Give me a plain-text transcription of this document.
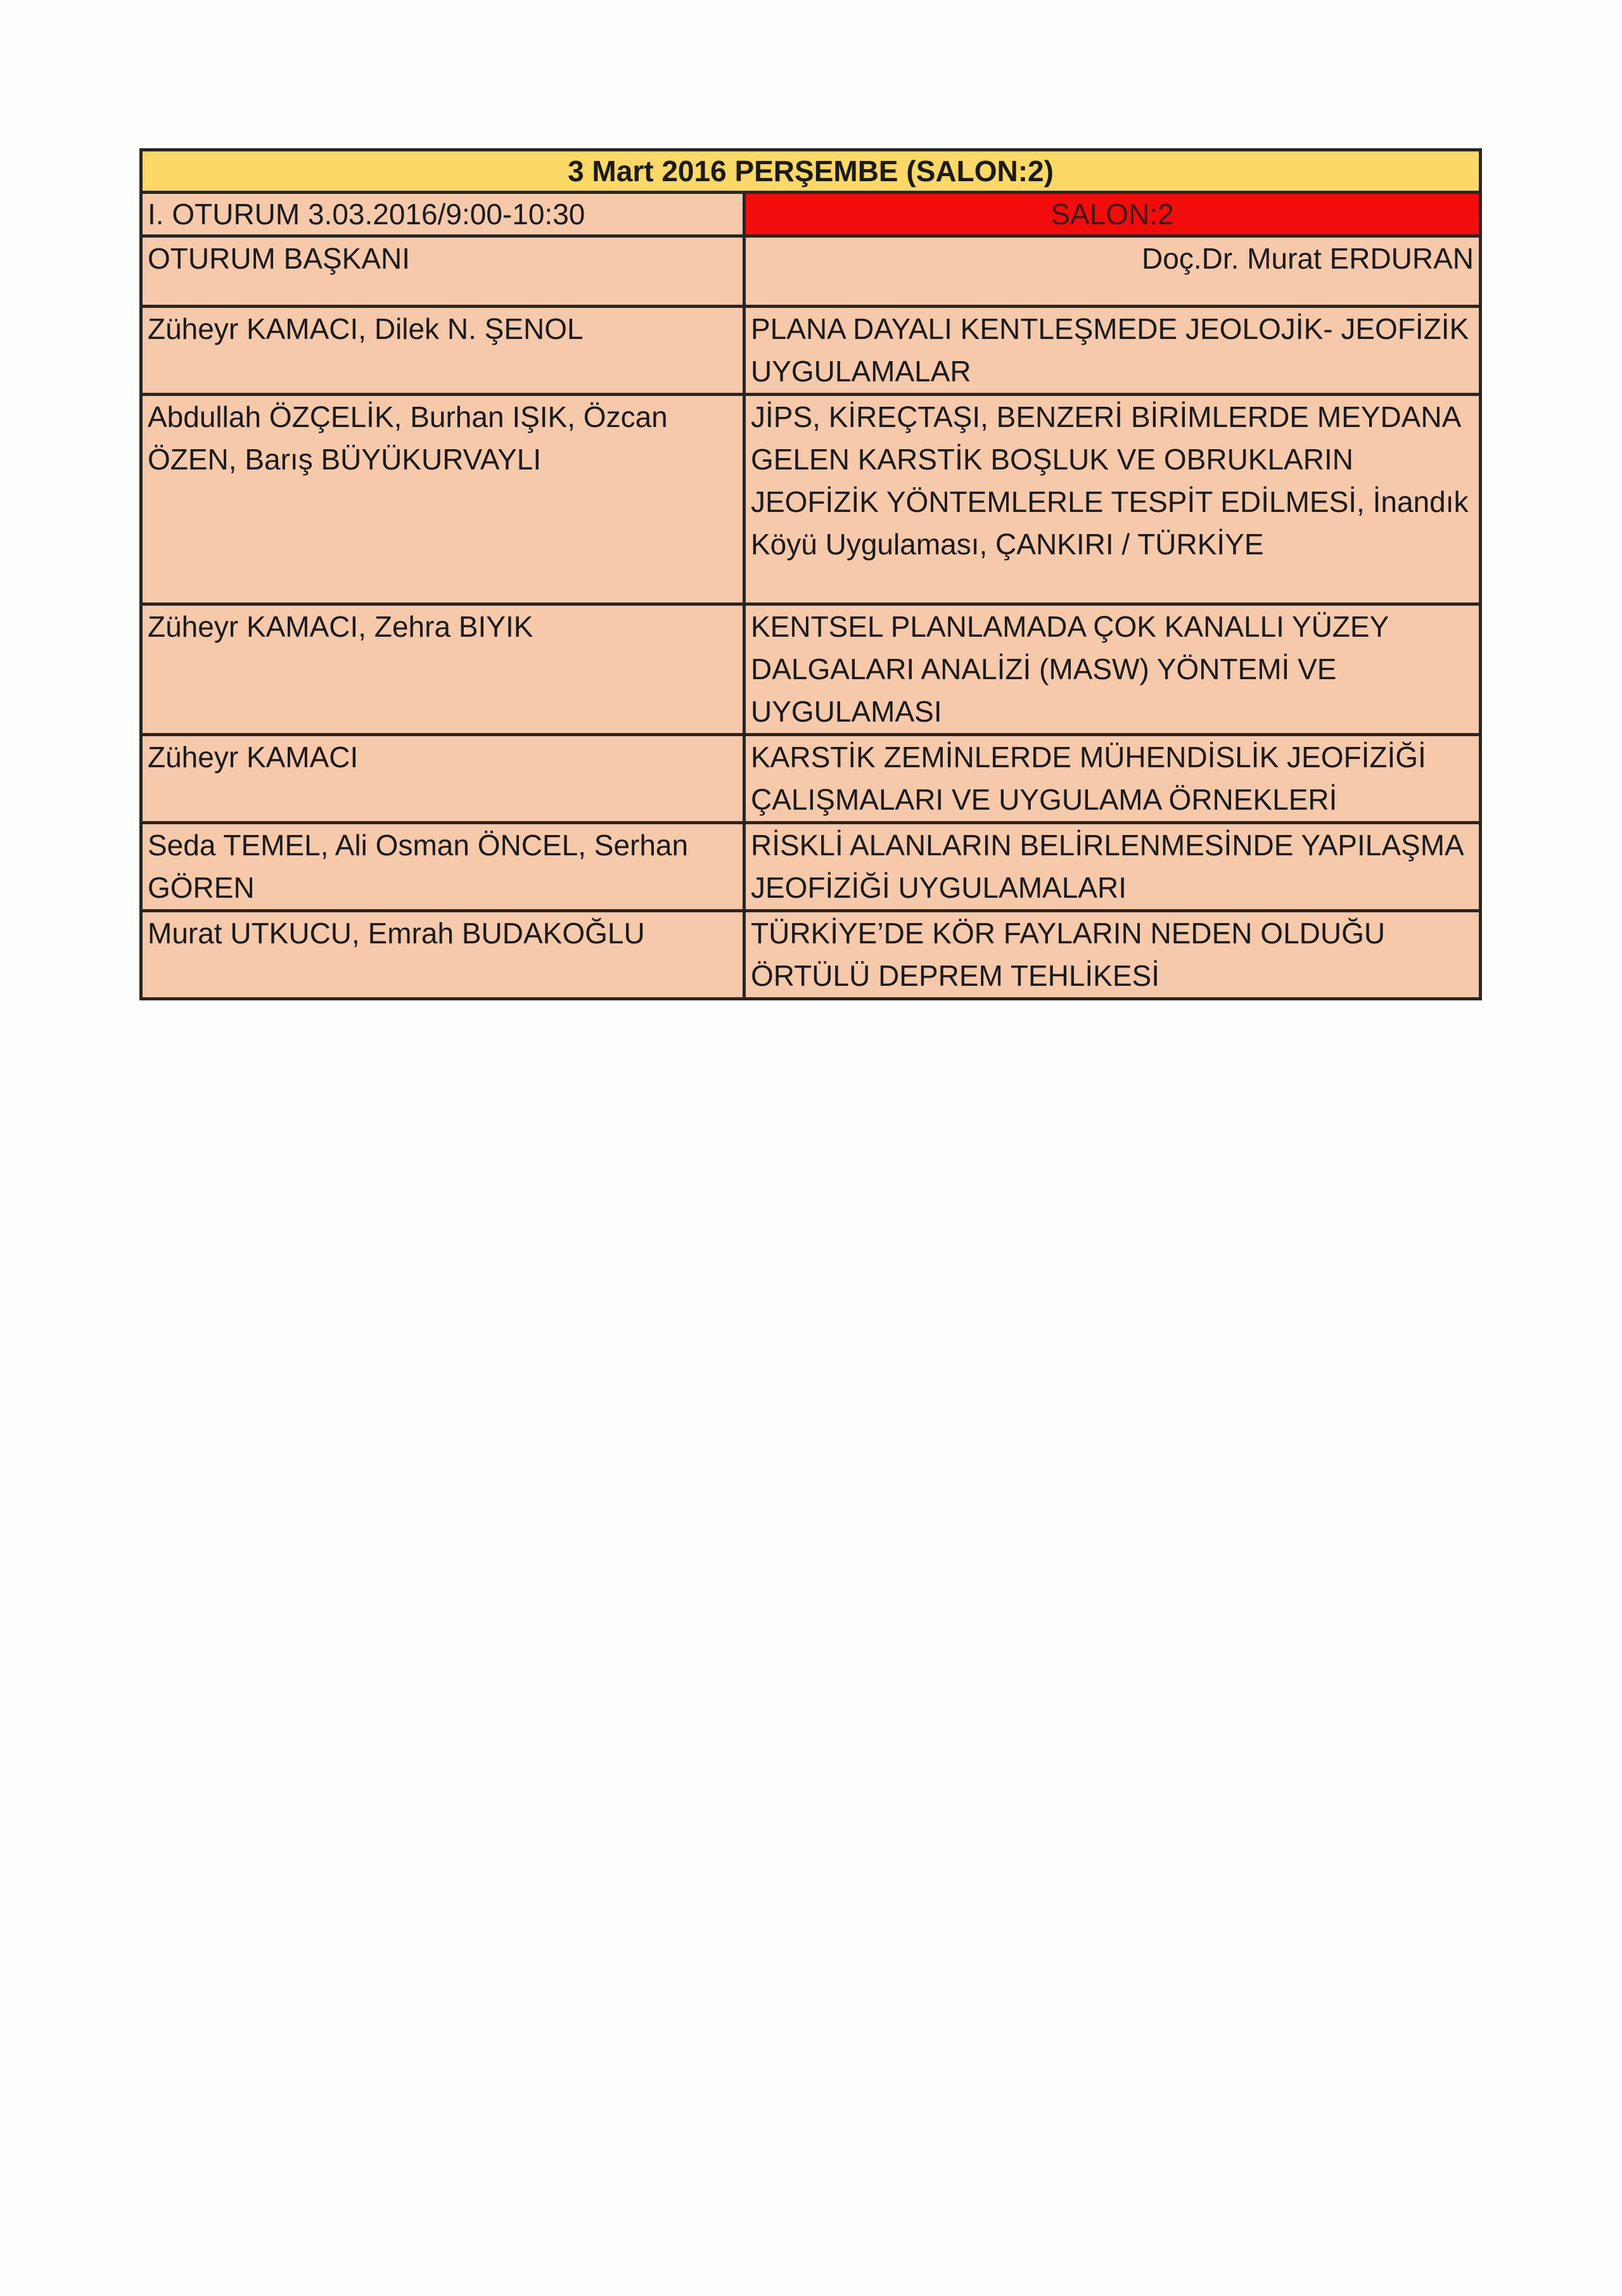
3 Mart 2016 PERŞEMBE (SALON:2)	
I. OTURUM 3.03.2016/9:00-10:30	SALON:2
OTURUM BAŞKANI	Doç.Dr. Murat ERDURAN
Züheyr KAMACI, Dilek N. ŞENOL	PLANA DAYALI KENTLEŞMEDE JEOLOJİK- JEOFİZİK UYGULAMALAR
Abdullah ÖZÇELİK, Burhan IŞIK, Özcan ÖZEN, Barış BÜYÜKURVAYLI	JİPS, KİREÇTAŞI, BENZERİ BİRİMLERDE MEYDANA GELEN KARSTİK BOŞLUK VE OBRUKLARIN JEOFİZİK YÖNTEMLERLE TESPİT EDİLMESİ, İnandık Köyü Uygulaması, ÇANKIRI / TÜRKİYE
Züheyr KAMACI, Zehra BIYIK	KENTSEL PLANLAMADA ÇOK KANALLI YÜZEY DALGALARI ANALİZİ (MASW) YÖNTEMİ VE UYGULAMASI
Züheyr KAMACI	KARSTİK ZEMİNLERDE MÜHENDİSLİK JEOFİZİĞİ ÇALIŞMALARI VE UYGULAMA ÖRNEKLERİ
Seda TEMEL, Ali Osman ÖNCEL, Serhan GÖREN	RİSKLİ ALANLARIN BELİRLENMESİNDE YAPILAŞMA JEOFİZİĞİ UYGULAMALARI
Murat UTKUCU, Emrah BUDAKOĞLU	TÜRKİYE’DE KÖR FAYLARIN NEDEN OLDUĞU ÖRTÜLÜ DEPREM TEHLİKESİ
